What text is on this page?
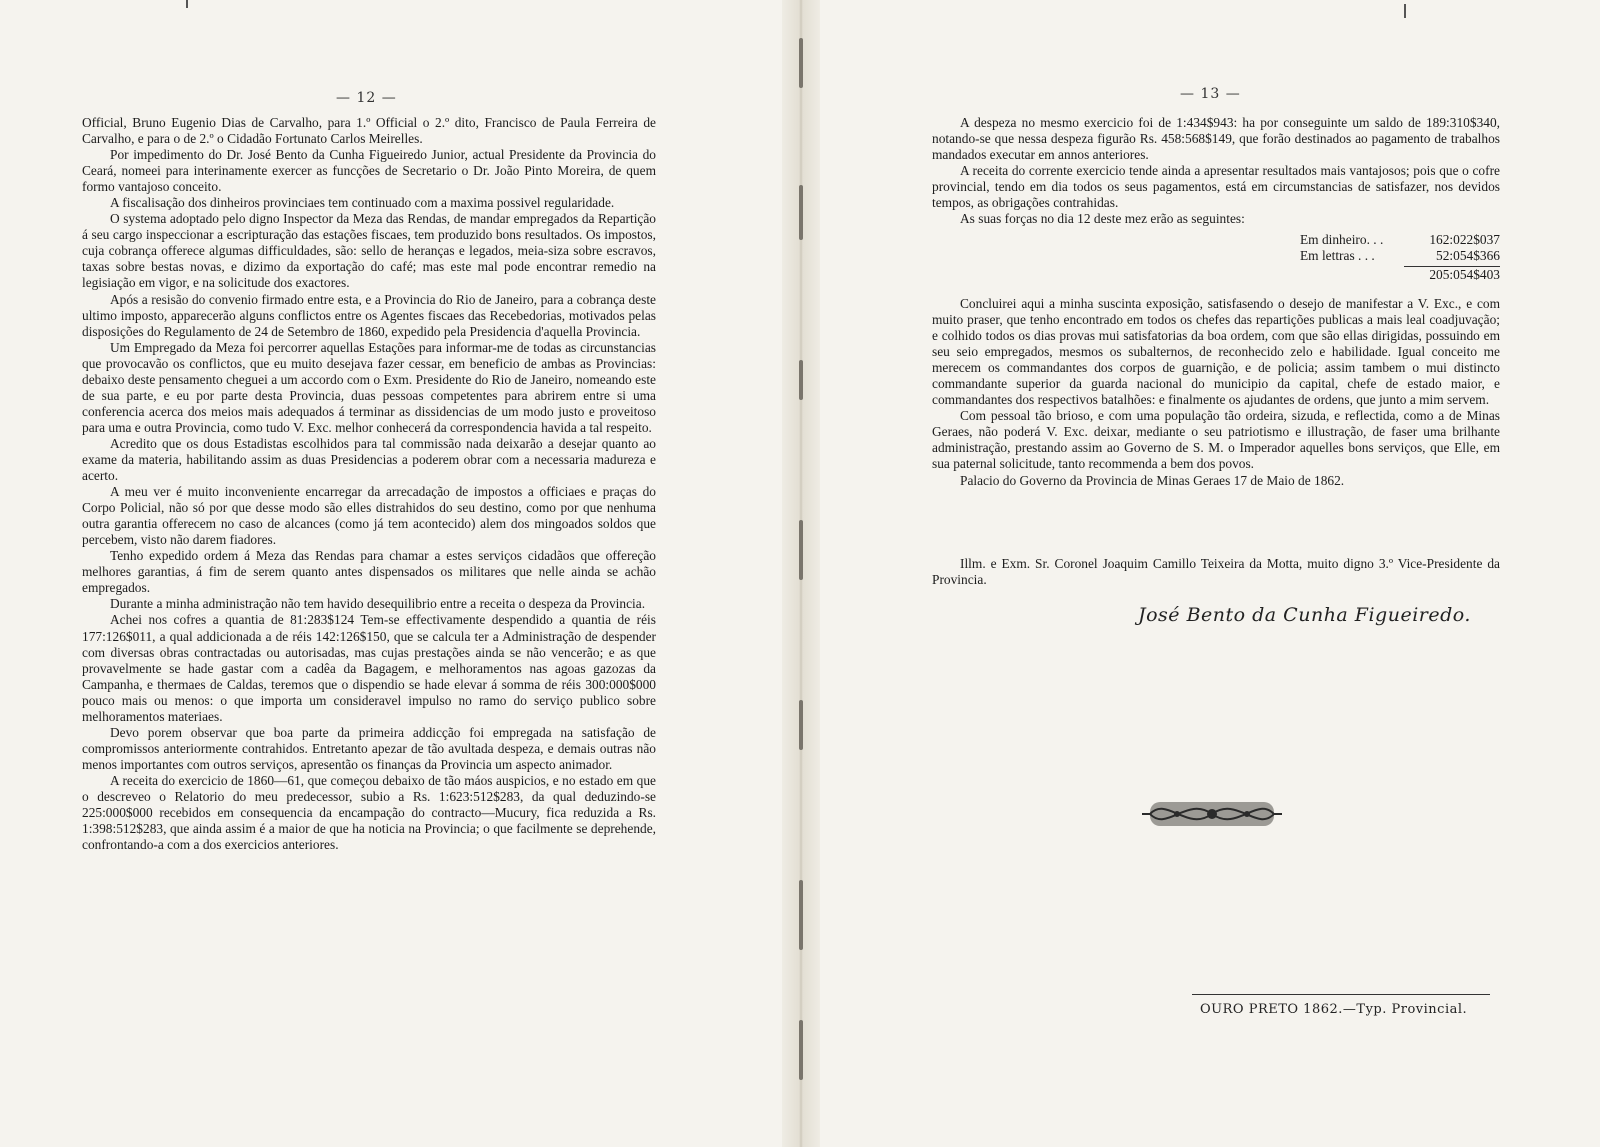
— 12 —

Official, Bruno Eugenio Dias de Carvalho, para 1.º Official o 2.º dito, Francisco de Paula Ferreira de Carvalho, e para o de 2.º o Cidadão Fortunato Carlos Meirelles.

Por impedimento do Dr. José Bento da Cunha Figueiredo Junior, actual Presidente da Provincia do Ceará, nomeei para interinamente exercer as funcções de Secretario o Dr. João Pinto Moreira, de quem formo vantajoso conceito.

A fiscalisação dos dinheiros provinciaes tem continuado com a maxima possivel regularidade.

O systema adoptado pelo digno Inspector da Meza das Rendas, de mandar empregados da Repartição á seu cargo inspeccionar a escripturação das estações fiscaes, tem produzido bons resultados. Os impostos, cuja cobrança offerece algumas difficuldades, são: sello de heranças e legados, meia-siza sobre escravos, taxas sobre bestas novas, e dizimo da exportação do café; mas este mal pode encontrar remedio na legisiação em vigor, e na solicitude dos exactores.

Após a resisão do convenio firmado entre esta, e a Provincia do Rio de Janeiro, para a cobrança deste ultimo imposto, apparecerão alguns conflictos entre os Agentes fiscaes das Recebedorias, motivados pelas disposições do Regulamento de 24 de Setembro de 1860, expedido pela Presidencia d'aquella Provincia.

Um Empregado da Meza foi percorrer aquellas Estações para informar-me de todas as circunstancias que provocavão os conflictos, que eu muito desejava fazer cessar, em beneficio de ambas as Provincias: debaixo deste pensamento cheguei a um accordo com o Exm. Presidente do Rio de Janeiro, nomeando este de sua parte, e eu por parte desta Provincia, duas pessoas competentes para abrirem entre si uma conferencia acerca dos meios mais adequados á terminar as dissidencias de um modo justo e proveitoso para uma e outra Provincia, como tudo V. Exc. melhor conhecerá da correspondencia havida a tal respeito.

Acredito que os dous Estadistas escolhidos para tal commissão nada deixarão a desejar quanto ao exame da materia, habilitando assim as duas Presidencias a poderem obrar com a necessaria madureza e acerto.

A meu ver é muito inconveniente encarregar da arrecadação de impostos a officiaes e praças do Corpo Policial, não só por que desse modo são elles distrahidos do seu destino, como por que nenhuma outra garantia offerecem no caso de alcances (como já tem acontecido) alem dos mingoados soldos que percebem, visto não darem fiadores.

Tenho expedido ordem á Meza das Rendas para chamar a estes serviços cidadãos que offereção melhores garantias, á fim de serem quanto antes dispensados os militares que nelle ainda se achão empregados.

Durante a minha administração não tem havido desequilibrio entre a receita o despeza da Provincia.

Achei nos cofres a quantia de 81:283$124 Tem-se effectivamente despendido a quantia de réis 177:126$011, a qual addicionada a de réis 142:126$150, que se calcula ter a Administração de despender com diversas obras contractadas ou autorisadas, mas cujas prestações ainda se não vencerão; e as que provavelmente se hade gastar com a cadêa da Bagagem, e melhoramentos nas agoas gazozas da Campanha, e thermaes de Caldas, teremos que o dispendio se hade elevar á somma de réis 300:000$000 pouco mais ou menos: o que importa um consideravel impulso no ramo do serviço publico sobre melhoramentos materiaes.

Devo porem observar que boa parte da primeira addicção foi empregada na satisfação de compromissos anteriormente contrahidos. Entretanto apezar de tão avultada despeza, e demais outras não menos importantes com outros serviços, apresentão os finanças da Provincia um aspecto animador.

A receita do exercicio de 1860—61, que começou debaixo de tão máos auspicios, e no estado em que o descreveo o Relatorio do meu predecessor, subio a Rs. 1:623:512$283, da qual deduzindo-se 225:000$000 recebidos em consequencia da encampação do contracto—Mucury, fica reduzida a Rs. 1:398:512$283, que ainda assim é a maior de que ha noticia na Provincia; o que facilmente se deprehende, confrontando-a com a dos exercicios anteriores.

— 13 —

A despeza no mesmo exercicio foi de 1:434$943: ha por conseguinte um saldo de 189:310$340, notando-se que nessa despeza figurão Rs. 458:568$149, que forão destinados ao pagamento de trabalhos mandados executar em annos anteriores.

A receita do corrente exercicio tende ainda a apresentar resultados mais vantajosos; pois que o cofre provincial, tendo em dia todos os seus pagamentos, está em circumstancias de satisfazer, nos devidos tempos, as obrigações contrahidas.

As suas forças no dia 12 deste mez erão as seguintes:

Em dinheiro. . .	162:022$037
Em lettras . . .	52:054$366
205:054$403

Concluirei aqui a minha suscinta exposição, satisfasendo o desejo de manifestar a V. Exc., e com muito praser, que tenho encontrado em todos os chefes das repartições publicas a mais leal coadjuvação; e colhido todos os dias provas mui satisfatorias da boa ordem, com que são ellas dirigidas, possuindo em seu seio empregados, mesmos os subalternos, de reconhecido zelo e habilidade. Igual conceito me merecem os commandantes dos corpos de guarnição, e de policia; assim tambem o mui distincto commandante superior da guarda nacional do municipio da capital, chefe de estado maior, e commandantes dos respectivos batalhões: e finalmente os ajudantes de ordens, que junto a mim servem.

Com pessoal tão brioso, e com uma população tão ordeira, sizuda, e reflectida, como a de Minas Geraes, não poderá V. Exc. deixar, mediante o seu patriotismo e illustração, de faser uma brilhante administração, prestando assim ao Governo de S. M. o Imperador aquelles bons serviços, que Elle, em sua paternal solicitude, tanto recommenda a bem dos povos.

Palacio do Governo da Provincia de Minas Geraes 17 de Maio de 1862.

Illm. e Exm. Sr. Coronel Joaquim Camillo Teixeira da Motta, muito digno 3.º Vice-Presidente da Provincia.

José Bento da Cunha Figueiredo.
OURO PRETO 1862.—Typ. Provincial.
